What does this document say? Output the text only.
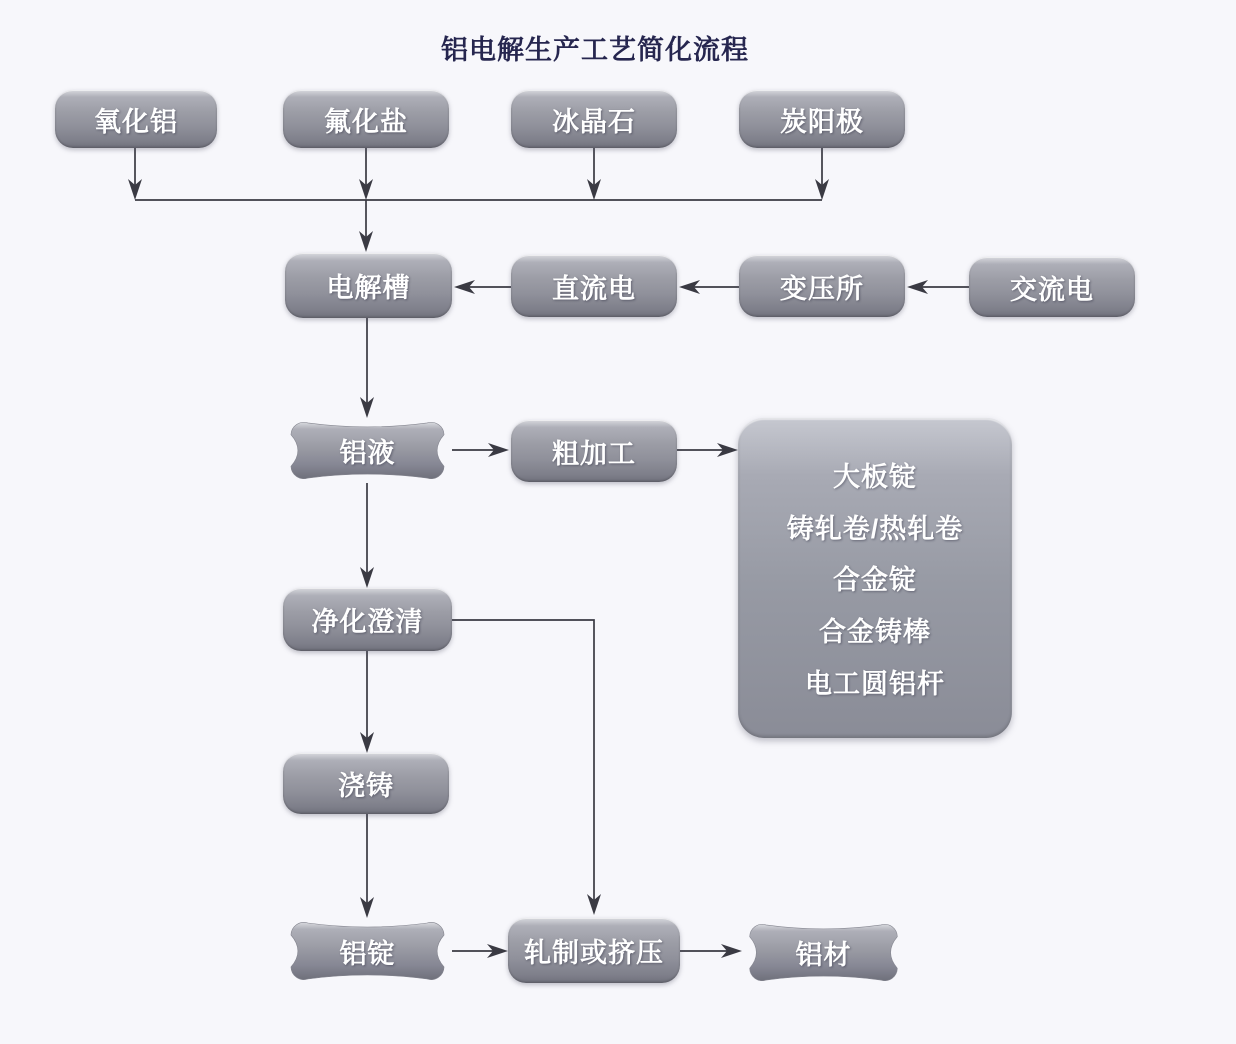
铝电解生产工艺简化流程
氧化铝	氟化盐	冰晶石	炭阳极
电解槽	直流电	变压所	交流电
铝液	粗加工
大板锭
铸轧卷/热轧卷
合金锭
合金铸棒
电工圆铝杆
净化澄清
浇铸
铝锭	轧制或挤压	铝材
